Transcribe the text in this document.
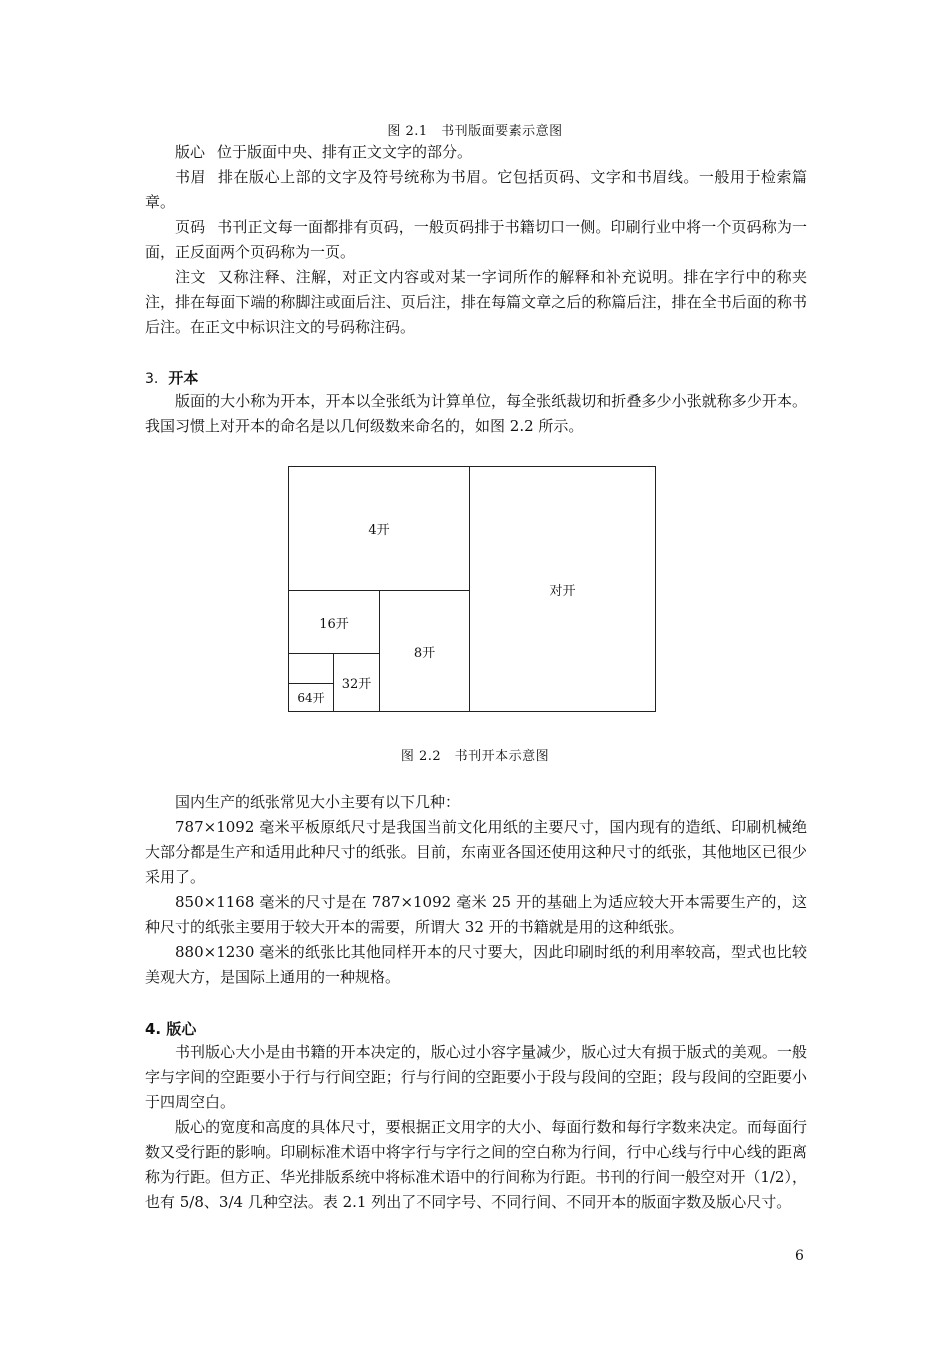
图 2.1　书刊版面要素示意图

版心 位于版面中央、排有正文文字的部分。

书眉 排在版心上部的文字及符号统称为书眉。它包括页码、文字和书眉线。一般用于检索篇章。

页码 书刊正文每一面都排有页码，一般页码排于书籍切口一侧。印刷行业中将一个页码称为一面，正反面两个页码称为一页。

注文 又称注释、注解，对正文内容或对某一字词所作的解释和补充说明。排在字行中的称夹注，排在每面下端的称脚注或面后注、页后注，排在每篇文章之后的称篇后注，排在全书后面的称书后注。在正文中标识注文的号码称注码。

3. 开本

版面的大小称为开本，开本以全张纸为计算单位，每全张纸裁切和折叠多少小张就称多少开本。我国习惯上对开本的命名是以几何级数来命名的，如图 2.2 所示。

对开
4开
8开
16开
32开
64开
图 2.2　书刊开本示意图

国内生产的纸张常见大小主要有以下几种：

787×1092 毫米平板原纸尺寸是我国当前文化用纸的主要尺寸，国内现有的造纸、印刷机械绝大部分都是生产和适用此种尺寸的纸张。目前，东南亚各国还使用这种尺寸的纸张，其他地区已很少采用了。

850×1168 毫米的尺寸是在 787×1092 毫米 25 开的基础上为适应较大开本需要生产的，这种尺寸的纸张主要用于较大开本的需要，所谓大 32 开的书籍就是用的这种纸张。

880×1230 毫米的纸张比其他同样开本的尺寸要大，因此印刷时纸的利用率较高，型式也比较美观大方，是国际上通用的一种规格。

4. 版心

书刊版心大小是由书籍的开本决定的，版心过小容字量减少，版心过大有损于版式的美观。一般字与字间的空距要小于行与行间空距；行与行间的空距要小于段与段间的空距；段与段间的空距要小于四周空白。

版心的宽度和高度的具体尺寸，要根据正文用字的大小、每面行数和每行字数来决定。而每面行数又受行距的影响。印刷标准术语中将字行与字行之间的空白称为行间，行中心线与行中心线的距离称为行距。但方正、华光排版系统中将标准术语中的行间称为行距。书刊的行间一般空对开（1/2），也有 5/8、3/4 几种空法。表 2.1 列出了不同字号、不同行间、不同开本的版面字数及版心尺寸。

6
